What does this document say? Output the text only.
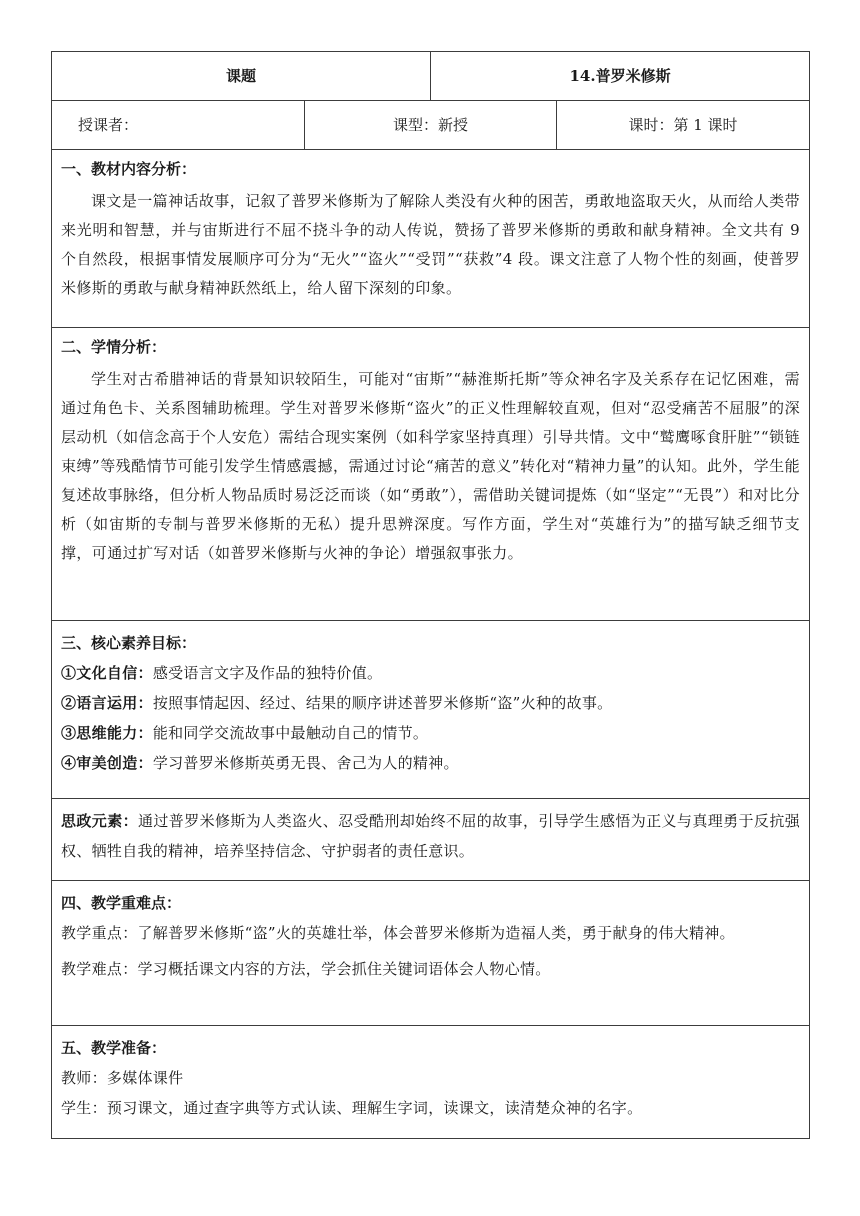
课题		14.普罗米修斯	
授课者：	课型：新授		课时：第 1 课时

一、教材内容分析：
课文是一篇神话故事，记叙了普罗米修斯为了解除人类没有火种的困苦，勇敢地盗取天火，从而给人类带来光明和智慧，并与宙斯进行不屈不挠斗争的动人传说，赞扬了普罗米修斯的勇敢和献身精神。全文共有 9 个自然段，根据事情发展顺序可分为“无火”“盗火”“受罚”“获救”4 段。课文注意了人物个性的刻画，使普罗米修斯的勇敢与献身精神跃然纸上，给人留下深刻的印象。			

二、学情分析：
学生对古希腊神话的背景知识较陌生，可能对“宙斯”“赫淮斯托斯”等众神名字及关系存在记忆困难，需通过角色卡、关系图辅助梳理。学生对普罗米修斯“盗火”的正义性理解较直观，但对“忍受痛苦不屈服”的深层动机（如信念高于个人安危）需结合现实案例（如科学家坚持真理）引导共情。文中“鹫鹰啄食肝脏”“锁链束缚”等残酷情节可能引发学生情感震撼，需通过讨论“痛苦的意义”转化对“精神力量”的认知。此外，学生能复述故事脉络，但分析人物品质时易泛泛而谈（如“勇敢”），需借助关键词提炼（如“坚定”“无畏”）和对比分析（如宙斯的专制与普罗米修斯的无私）提升思辨深度。写作方面，学生对“英雄行为”的描写缺乏细节支撑，可通过扩写对话（如普罗米修斯与火神的争论）增强叙事张力。			

三、核心素养目标：
①文化自信：感受语言文字及作品的独特价值。
②语言运用：按照事情起因、经过、结果的顺序讲述普罗米修斯“盗”火种的故事。
③思维能力：能和同学交流故事中最触动自己的情节。
④审美创造：学习普罗米修斯英勇无畏、舍己为人的精神。			

思政元素：通过普罗米修斯为人类盗火、忍受酷刑却始终不屈的故事，引导学生感悟为正义与真理勇于反抗强权、牺牲自我的精神，培养坚持信念、守护弱者的责任意识。			

四、教学重难点：
教学重点：了解普罗米修斯“盗”火的英雄壮举，体会普罗米修斯为造福人类，勇于献身的伟大精神。
教学难点：学习概括课文内容的方法，学会抓住关键词语体会人物心情。			

五、教学准备：
教师：多媒体课件
学生：预习课文，通过查字典等方式认读、理解生字词，读课文，读清楚众神的名字。			
